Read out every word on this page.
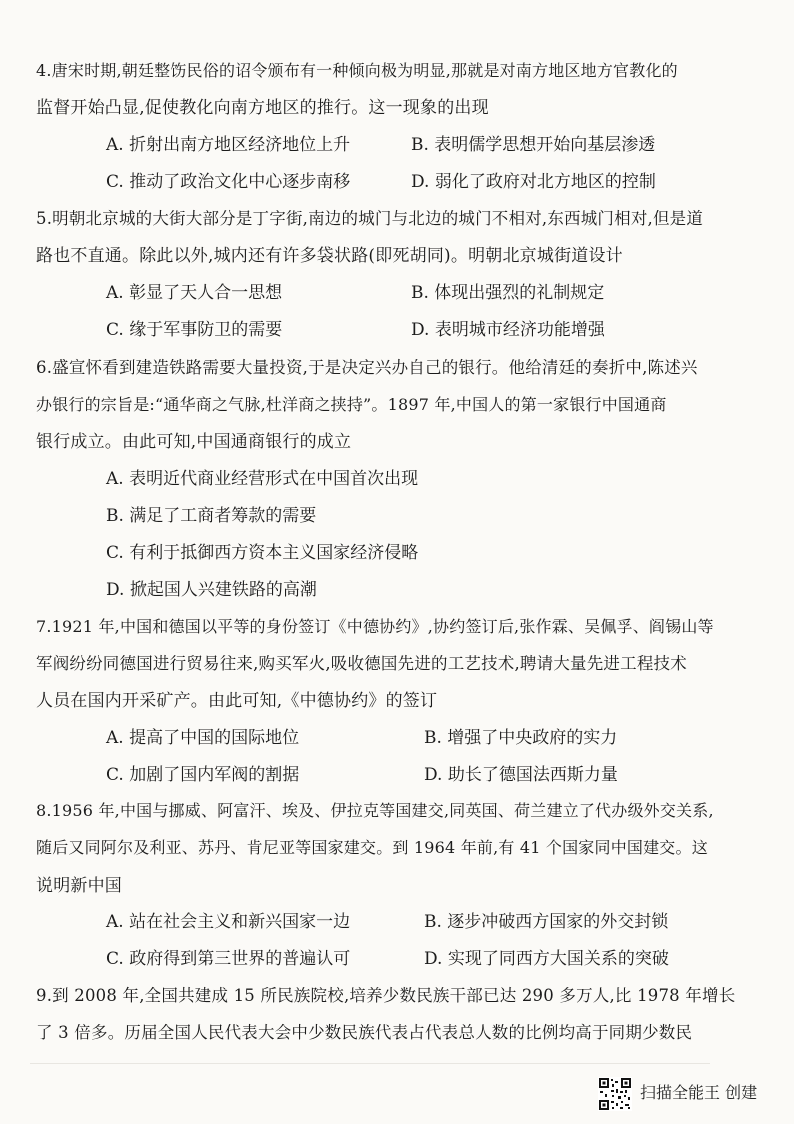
4.唐宋时期,朝廷整饬民俗的诏令颁布有一种倾向极为明显,那就是对南方地区地方官教化的
监督开始凸显,促使教化向南方地区的推行。这一现象的出现
A. 折射出南方地区经济地位上升	B. 表明儒学思想开始向基层渗透
C. 推动了政治文化中心逐步南移	D. 弱化了政府对北方地区的控制
5.明朝北京城的大街大部分是丁字街,南边的城门与北边的城门不相对,东西城门相对,但是道
路也不直通。除此以外,城内还有许多袋状路(即死胡同)。明朝北京城街道设计
A. 彰显了天人合一思想	B. 体现出强烈的礼制规定
C. 缘于军事防卫的需要	D. 表明城市经济功能增强
6.盛宣怀看到建造铁路需要大量投资,于是决定兴办自己的银行。他给清廷的奏折中,陈述兴
办银行的宗旨是:“通华商之气脉,杜洋商之挟持”。1897 年,中国人的第一家银行中国通商
银行成立。由此可知,中国通商银行的成立
A. 表明近代商业经营形式在中国首次出现
B. 满足了工商者筹款的需要
C. 有利于抵御西方资本主义国家经济侵略
D. 掀起国人兴建铁路的高潮
7.1921 年,中国和德国以平等的身份签订《中德协约》,协约签订后,张作霖、吴佩孚、阎锡山等
军阀纷纷同德国进行贸易往来,购买军火,吸收德国先进的工艺技术,聘请大量先进工程技术
人员在国内开采矿产。由此可知,《中德协约》的签订
A. 提高了中国的国际地位	B. 增强了中央政府的实力
C. 加剧了国内军阀的割据	D. 助长了德国法西斯力量
8.1956 年,中国与挪威、阿富汗、埃及、伊拉克等国建交,同英国、荷兰建立了代办级外交关系,
随后又同阿尔及利亚、苏丹、肯尼亚等国家建交。到 1964 年前,有 41 个国家同中国建交。这
说明新中国
A. 站在社会主义和新兴国家一边	B. 逐步冲破西方国家的外交封锁
C. 政府得到第三世界的普遍认可	D. 实现了同西方大国关系的突破
9.到 2008 年,全国共建成 15 所民族院校,培养少数民族干部已达 290 多万人,比 1978 年增长
了 3 倍多。历届全国人民代表大会中少数民族代表占代表总人数的比例均高于同期少数民
扫描全能王 创建
